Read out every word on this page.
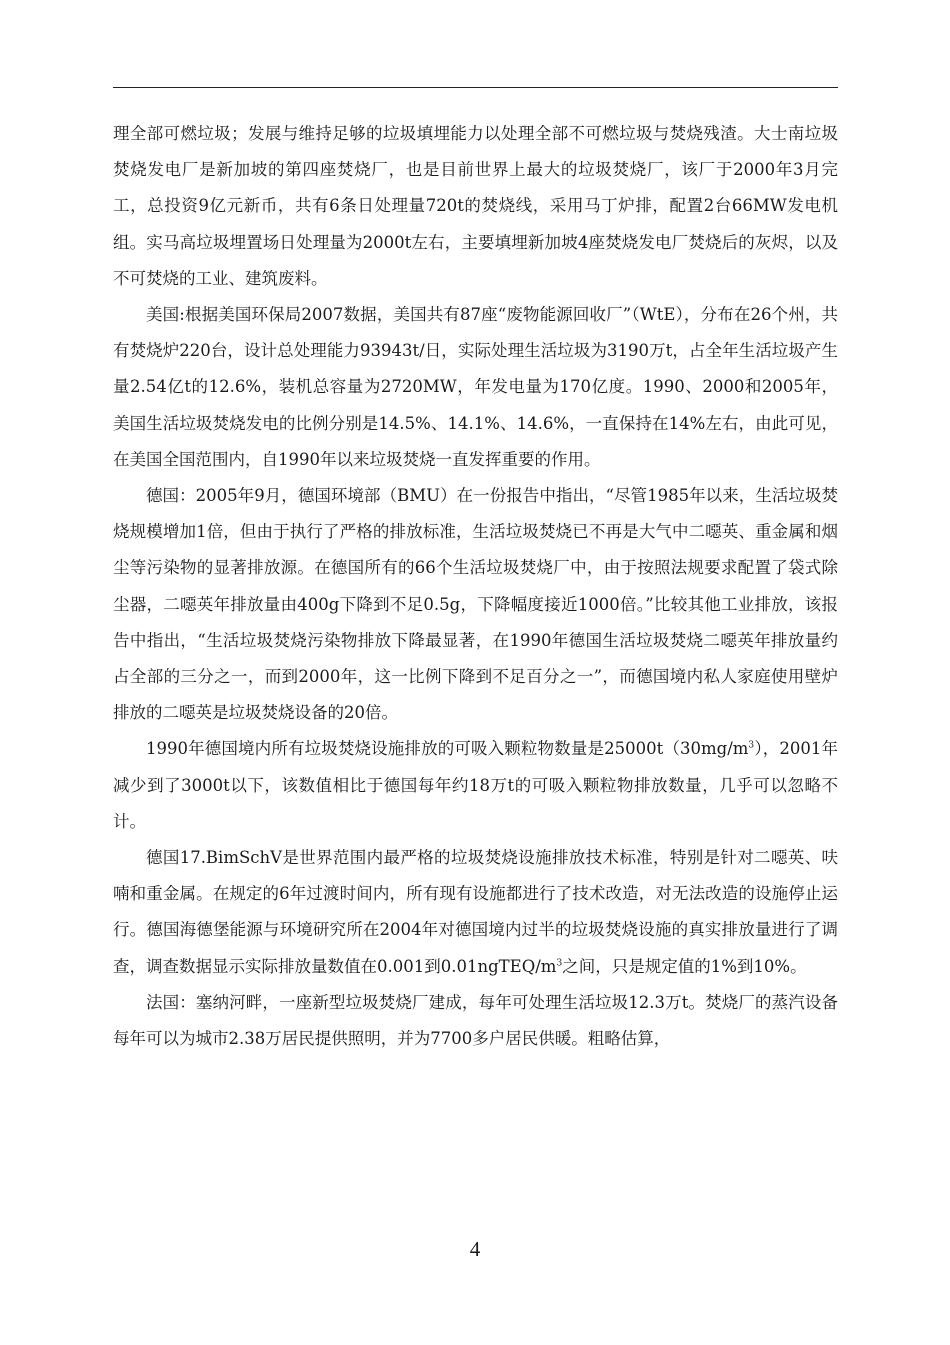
理全部可燃垃圾；发展与维持足够的垃圾填埋能力以处理全部不可燃垃圾与焚烧残渣。大士南垃圾焚烧发电厂是新加坡的第四座焚烧厂，也是目前世界上最大的垃圾焚烧厂，该厂于2000年3月完工，总投资9亿元新币，共有6条日处理量720t的焚烧线，采用马丁炉排，配置2台66MW发电机组。实马高垃圾埋置场日处理量为2000t左右，主要填埋新加坡4座焚烧发电厂焚烧后的灰烬，以及不可焚烧的工业、建筑废料。

美国:根据美国环保局2007数据，美国共有87座“废物能源回收厂”（WtE），分布在26个州，共有焚烧炉220台，设计总处理能力93943t/日，实际处理生活垃圾为3190万t，占全年生活垃圾产生量2.54亿t的12.6%，装机总容量为2720MW，年发电量为170亿度。1990、2000和2005年，美国生活垃圾焚烧发电的比例分别是14.5%、14.1%、14.6%，一直保持在14%左右，由此可见，在美国全国范围内，自1990年以来垃圾焚烧一直发挥重要的作用。

德国：2005年9月，德国环境部（BMU）在一份报告中指出，“尽管1985年以来，生活垃圾焚烧规模增加1倍，但由于执行了严格的排放标准，生活垃圾焚烧已不再是大气中二噁英、重金属和烟尘等污染物的显著排放源。在德国所有的66个生活垃圾焚烧厂中，由于按照法规要求配置了袋式除尘器，二噁英年排放量由400g下降到不足0.5g，下降幅度接近1000倍。”比较其他工业排放，该报告中指出，“生活垃圾焚烧污染物排放下降最显著，在1990年德国生活垃圾焚烧二噁英年排放量约占全部的三分之一，而到2000年，这一比例下降到不足百分之一”，而德国境内私人家庭使用壁炉排放的二噁英是垃圾焚烧设备的20倍。

1990年德国境内所有垃圾焚烧设施排放的可吸入颗粒物数量是$25000t(30mg/m^3)$，2001年减少到了3000t以下，该数值相比于德国每年约18万t的可吸入颗粒物排放数量，几乎可以忽略不计。

德国17.BimSchV是世界范围内最严格的垃圾焚烧设施排放技术标准，特别是针对二噁英、呋喃和重金属。在规定的6年过渡时间内，所有现有设施都进行了技术改造，对无法改造的设施停止运行。德国海德堡能源与环境研究所在2004年对德国境内过半的垃圾焚烧设施的真实排放量进行了调查，调查数据显示实际排放量数值在0.001到$0.01ngTEQ/m^3$之间，只是规定值的1%到10%。

法国：塞纳河畔，一座新型垃圾焚烧厂建成，每年可处理生活垃圾12.3万t。焚烧厂的蒸汽设备每年可以为城市2.38万居民提供照明，并为7700多户居民供暖。粗略估算，

4
